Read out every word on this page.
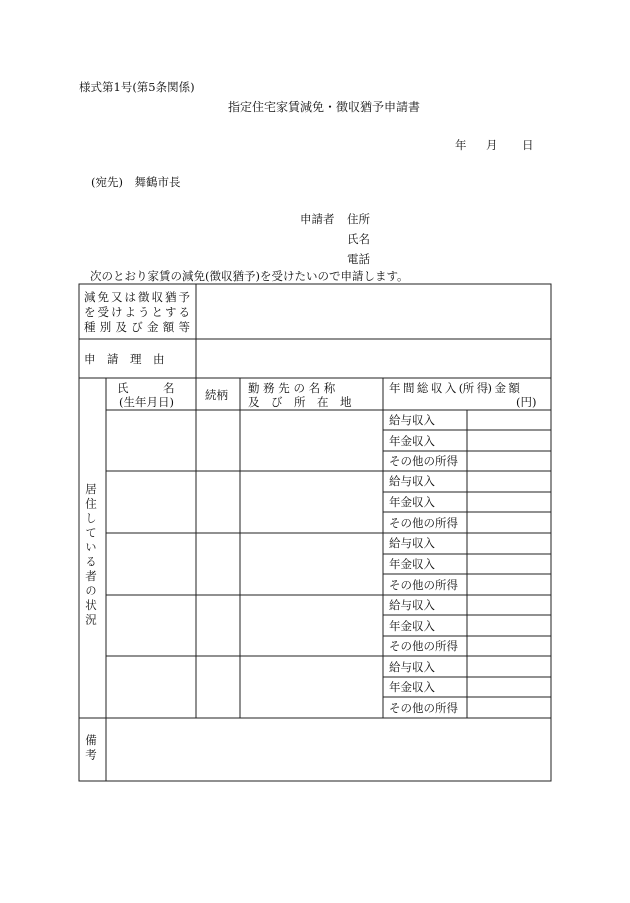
様式第1号(第5条関係)
指定住宅家賃減免・徴収猶予申請書
年 月 日
(宛先)　舞鶴市長
申請者 住所
氏名
電話
次のとおり家賃の減免(徴収猶予)を受けたいので申請します。
減免又は徴収猶予
を受けようとする
種別及び金額等
申　請　理　由
氏　　　名
(生年月日)	続柄 勤 務 先 の 名 称
及　び　所　在　地
年 間 総 収 入 (所 得) 金 額
(円)
居住している者の状況
給与収入
年金収入
その他の所得
給与収入
年金収入
その他の所得
給与収入
年金収入
その他の所得
給与収入
年金収入
その他の所得
給与収入
年金収入
その他の所得
備考
